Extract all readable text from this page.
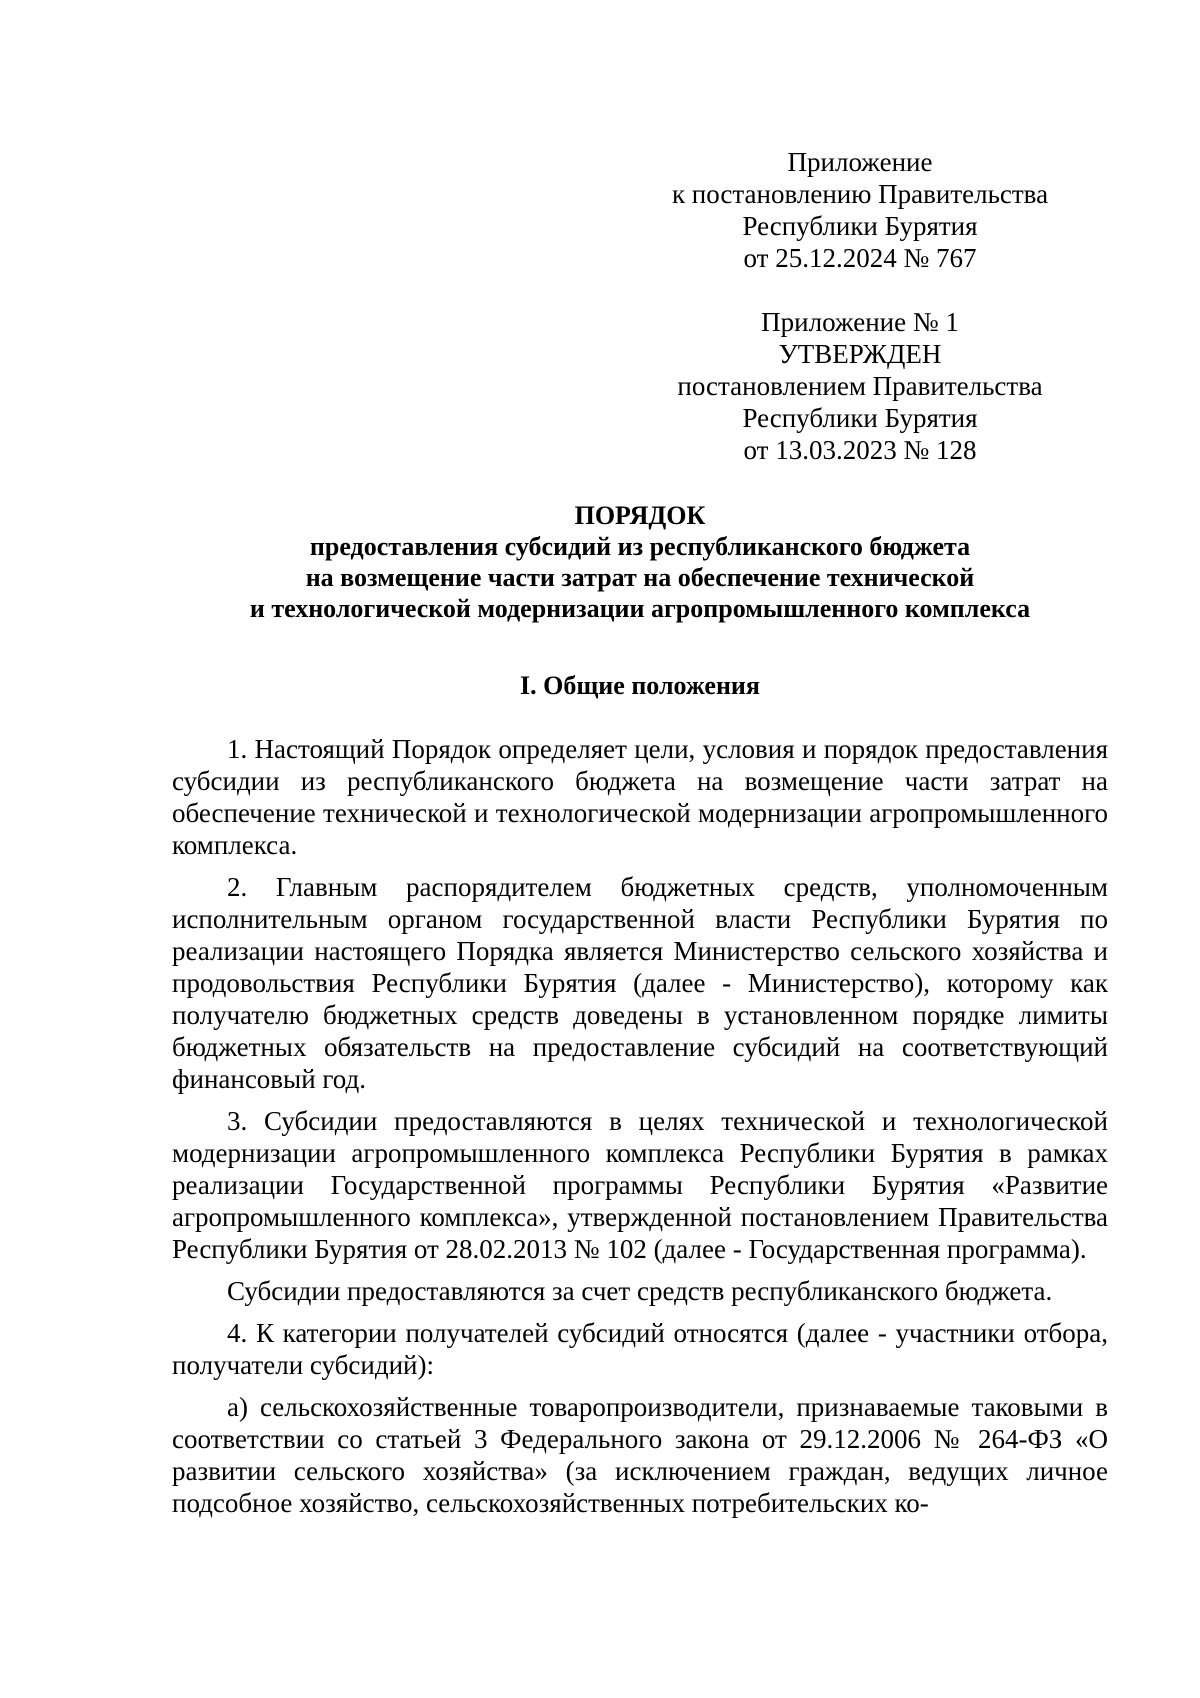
Приложение
к постановлению Правительства
Республики Бурятия
от 25.12.2024 № 767
Приложение № 1
УТВЕРЖДЕН
постановлением Правительства
Республики Бурятия
от 13.03.2023 № 128
ПОРЯДОК
предоставления субсидий из республиканского бюджета
на возмещение части затрат на обеспечение технической
и технологической модернизации агропромышленного комплекса
I. Общие положения

1. Настоящий Порядок определяет цели, условия и порядок предоставления субсидии из республиканского бюджета на возмещение части затрат на обеспечение технической и технологической модернизации агропромышленного комплекса.

2. Главным распорядителем бюджетных средств, уполномоченным исполнительным органом государственной власти Республики Бурятия по реализации настоящего Порядка является Министерство сельского хозяйства и продовольствия Республики Бурятия (далее - Министерство), которому как получателю бюджетных средств доведены в установленном порядке лимиты бюджетных обязательств на предоставление субсидий на соответствующий финансовый год.

3. Субсидии предоставляются в целях технической и технологической модернизации агропромышленного комплекса Республики Бурятия в рамках реализации Государственной программы Республики Бурятия «Развитие агропромышленного комплекса», утвержденной постановлением Правительства Республики Бурятия от 28.02.2013 № 102 (далее - Государственная программа).

Субсидии предоставляются за счет средств республиканского бюджета.

4. К категории получателей субсидий относятся (далее - участники отбора, получатели субсидий):

а) сельскохозяйственные товаропроизводители, признаваемые таковыми в соответствии со статьей 3 Федерального закона от 29.12.2006 № 264-ФЗ «О развитии сельского хозяйства» (за исключением граждан, ведущих личное подсобное хозяйство, сельскохозяйственных потребительских ко-
